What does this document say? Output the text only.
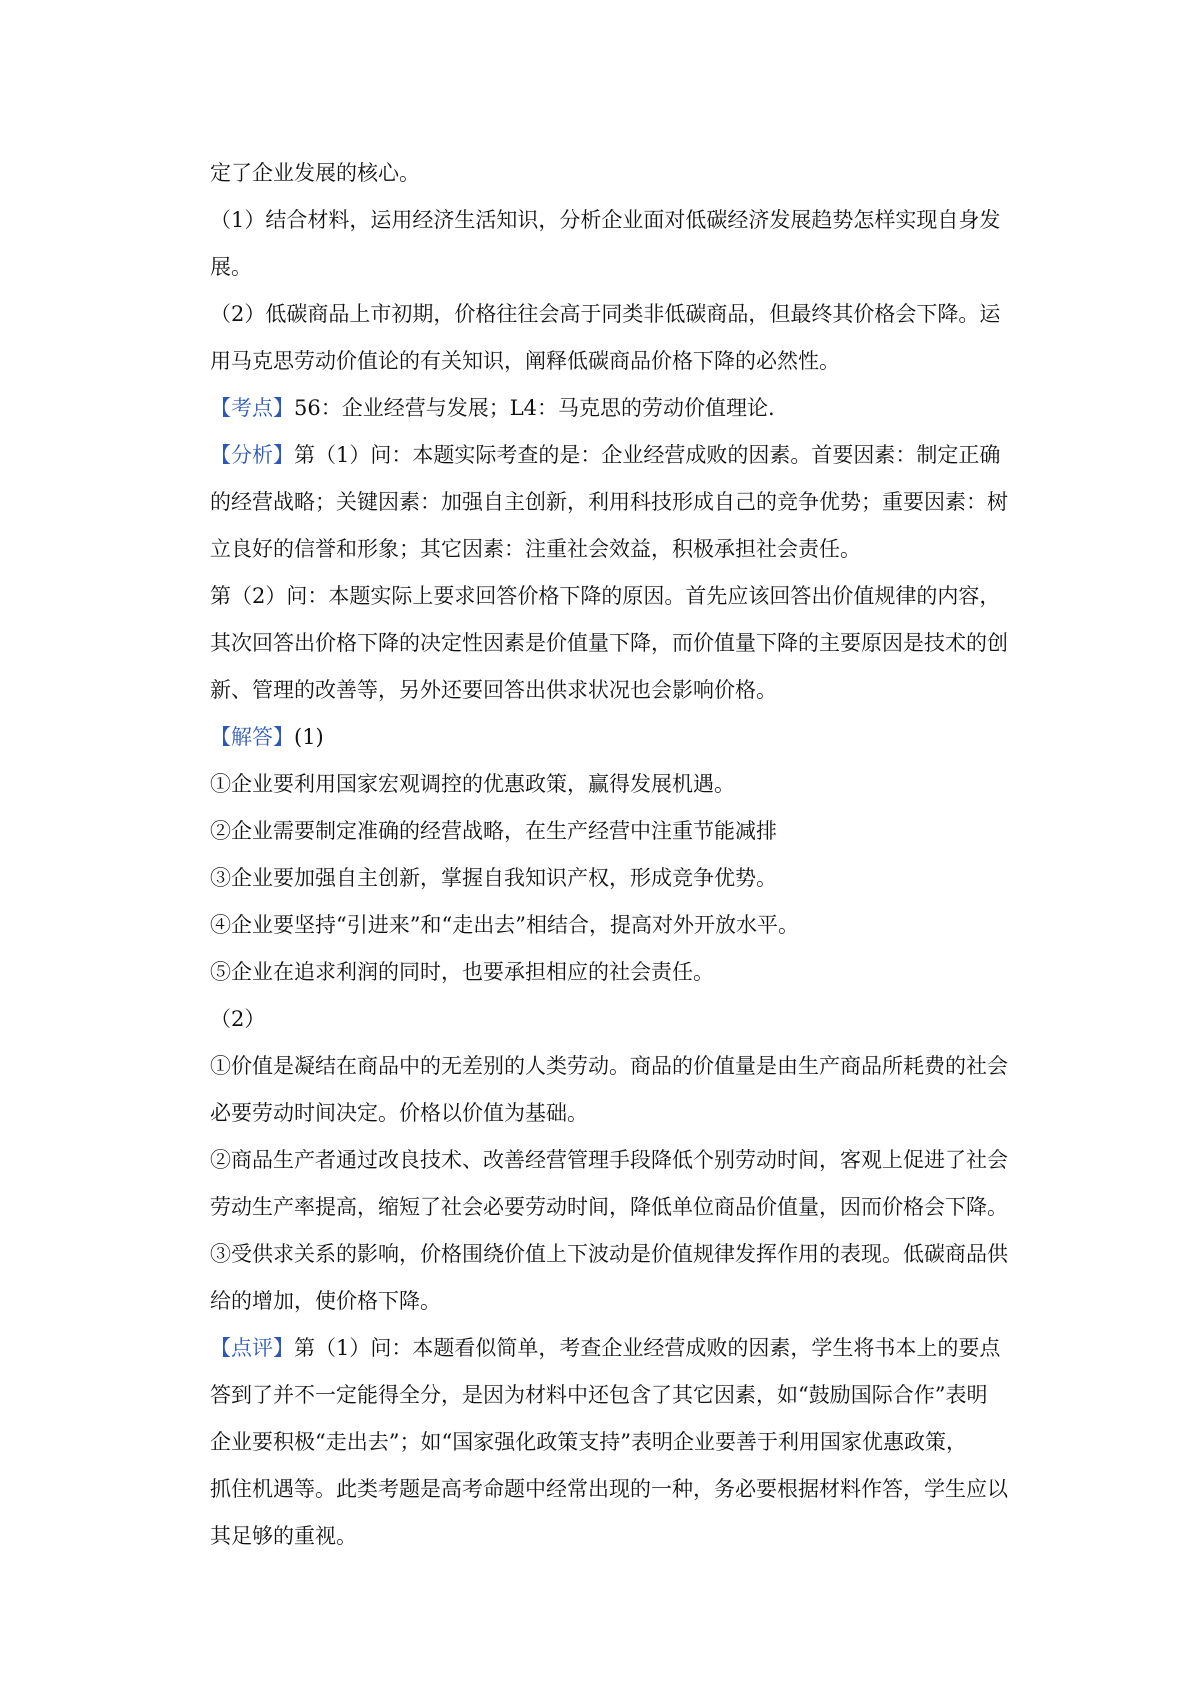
定了企业发展的核心。
（1）结合材料，运用经济生活知识，分析企业面对低碳经济发展趋势怎样实现自身发
展。
（2）低碳商品上市初期，价格往往会高于同类非低碳商品，但最终其价格会下降。运
用马克思劳动价值论的有关知识，阐释低碳商品价格下降的必然性。
【考点】56：企业经营与发展；L4：马克思的劳动价值理论.
【分析】第（1）问：本题实际考查的是：企业经营成败的因素。首要因素：制定正确
的经营战略；关键因素：加强自主创新，利用科技形成自己的竞争优势；重要因素：树
立良好的信誉和形象；其它因素：注重社会效益，积极承担社会责任。
第（2）问：本题实际上要求回答价格下降的原因。首先应该回答出价值规律的内容，
其次回答出价格下降的决定性因素是价值量下降，而价值量下降的主要原因是技术的创
新、管理的改善等，另外还要回答出供求状况也会影响价格。
【解答】(1)
①企业要利用国家宏观调控的优惠政策，赢得发展机遇。
②企业需要制定准确的经营战略，在生产经营中注重节能减排
③企业要加强自主创新，掌握自我知识产权，形成竞争优势。
④企业要坚持“引进来”和“走出去”相结合，提高对外开放水平。
⑤企业在追求利润的同时，也要承担相应的社会责任。
（2）
①价值是凝结在商品中的无差别的人类劳动。商品的价值量是由生产商品所耗费的社会
必要劳动时间决定。价格以价值为基础。
②商品生产者通过改良技术、改善经营管理手段降低个别劳动时间，客观上促进了社会
劳动生产率提高，缩短了社会必要劳动时间，降低单位商品价值量，因而价格会下降。
③受供求关系的影响，价格围绕价值上下波动是价值规律发挥作用的表现。低碳商品供
给的增加，使价格下降。
【点评】第（1）问：本题看似简单，考查企业经营成败的因素，学生将书本上的要点
答到了并不一定能得全分，是因为材料中还包含了其它因素，如“鼓励国际合作”表明
企业要积极“走出去”；如“国家强化政策支持”表明企业要善于利用国家优惠政策，
抓住机遇等。此类考题是高考命题中经常出现的一种，务必要根据材料作答，学生应以
其足够的重视。
